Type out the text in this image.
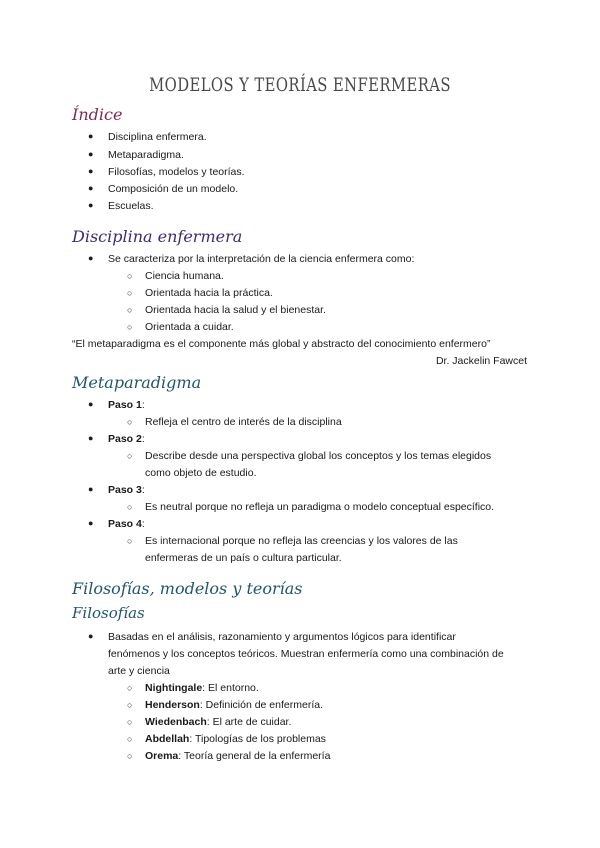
MODELOS Y TEORÍAS ENFERMERAS
Índice
● Disciplina enfermera.
● Metaparadigma.
● Filosofías, modelos y teorías.
● Composición de un modelo.
● Escuelas.
Disciplina enfermera
● Se caracteriza por la interpretación de la ciencia enfermera como:
○ Ciencia humana.
○ Orientada hacia la práctica.
○ Orientada hacia la salud y el bienestar.
○ Orientada a cuidar.
“El metaparadigma es el componente más global y abstracto del conocimiento enfermero”
Dr. Jackelin Fawcet
Metaparadigma
● Paso 1:
○ Refleja el centro de interés de la disciplina
● Paso 2:
○ Describe desde una perspectiva global los conceptos y los temas elegidos
como objeto de estudio.
● Paso 3:
○ Es neutral porque no refleja un paradigma o modelo conceptual específico.
● Paso 4:
○ Es internacional porque no refleja las creencias y los valores de las
enfermeras de un país o cultura particular.
Filosofías, modelos y teorías
Filosofías
● Basadas en el análisis, razonamiento y argumentos lógicos para identificar
fenómenos y los conceptos teóricos. Muestran enfermería como una combinación de
arte y ciencia
○ Nightingale: El entorno.
○ Henderson: Definición de enfermería.
○ Wiedenbach: El arte de cuidar.
○ Abdellah: Tipologías de los problemas
○ Orema: Teoría general de la enfermería
